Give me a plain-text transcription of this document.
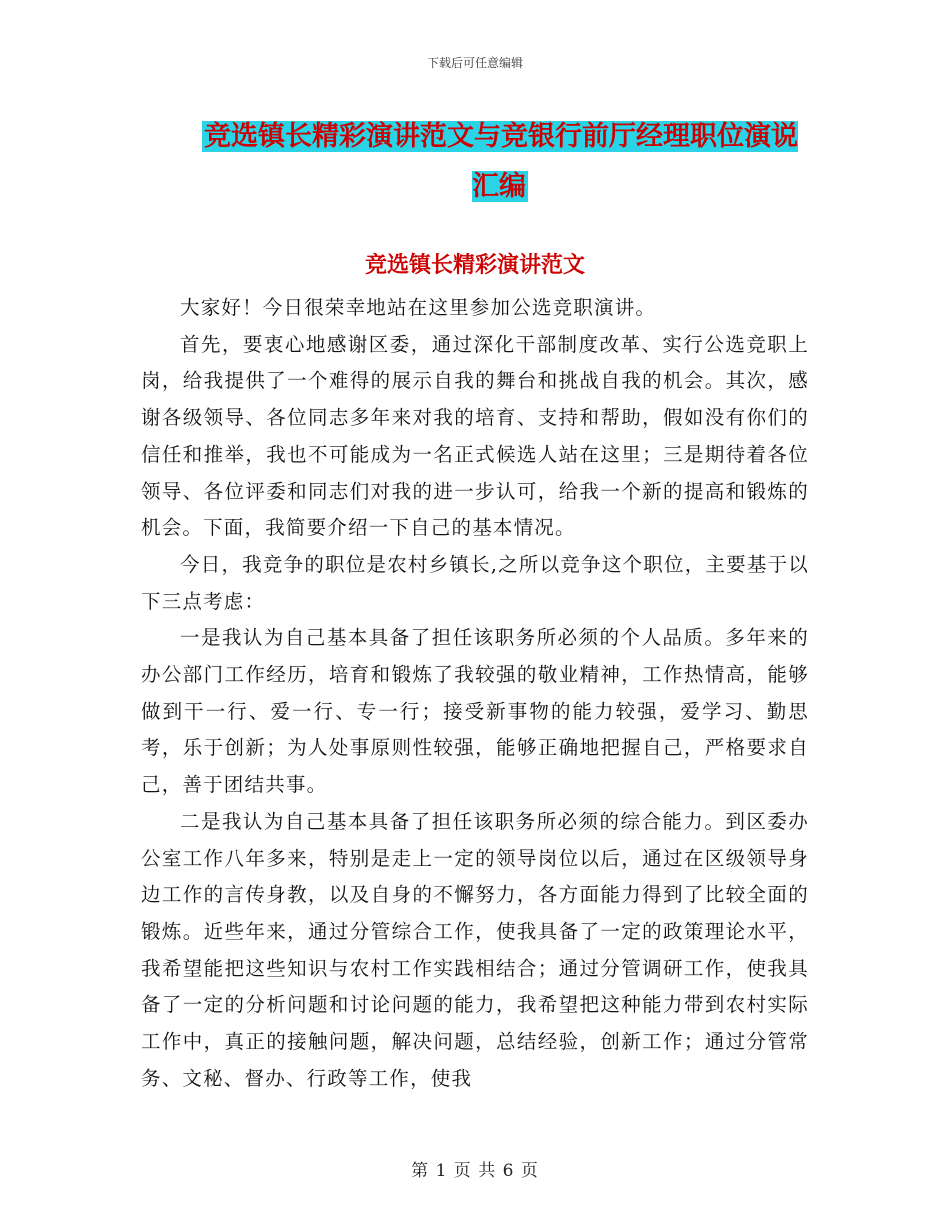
下载后可任意编辑
竞选镇长精彩演讲范文与竞银行前厅经理职位演说汇编
竞选镇长精彩演讲范文

大家好！今日很荣幸地站在这里参加公选竞职演讲。

首先，要衷心地感谢区委，通过深化干部制度改革、实行公选竞职上岗，给我提供了一个难得的展示自我的舞台和挑战自我的机会。其次，感谢各级领导、各位同志多年来对我的培育、支持和帮助，假如没有你们的信任和推举，我也不可能成为一名正式候选人站在这里；三是期待着各位领导、各位评委和同志们对我的进一步认可，给我一个新的提高和锻炼的机会。下面，我简要介绍一下自己的基本情况。

今日，我竞争的职位是农村乡镇长,之所以竞争这个职位，主要基于以下三点考虑：

一是我认为自己基本具备了担任该职务所必须的个人品质。多年来的办公部门工作经历，培育和锻炼了我较强的敬业精神，工作热情高，能够做到干一行、爱一行、专一行；接受新事物的能力较强，爱学习、勤思考，乐于创新；为人处事原则性较强，能够正确地把握自己，严格要求自己，善于团结共事。

二是我认为自己基本具备了担任该职务所必须的综合能力。到区委办公室工作八年多来，特别是走上一定的领导岗位以后，通过在区级领导身边工作的言传身教，以及自身的不懈努力，各方面能力得到了比较全面的锻炼。近些年来，通过分管综合工作，使我具备了一定的政策理论水平，我希望能把这些知识与农村工作实践相结合；通过分管调研工作，使我具备了一定的分析问题和讨论问题的能力，我希望把这种能力带到农村实际工作中，真正的接触问题，解决问题，总结经验，创新工作；通过分管常务、文秘、督办、行政等工作，使我

第 1 页 共 6 页
